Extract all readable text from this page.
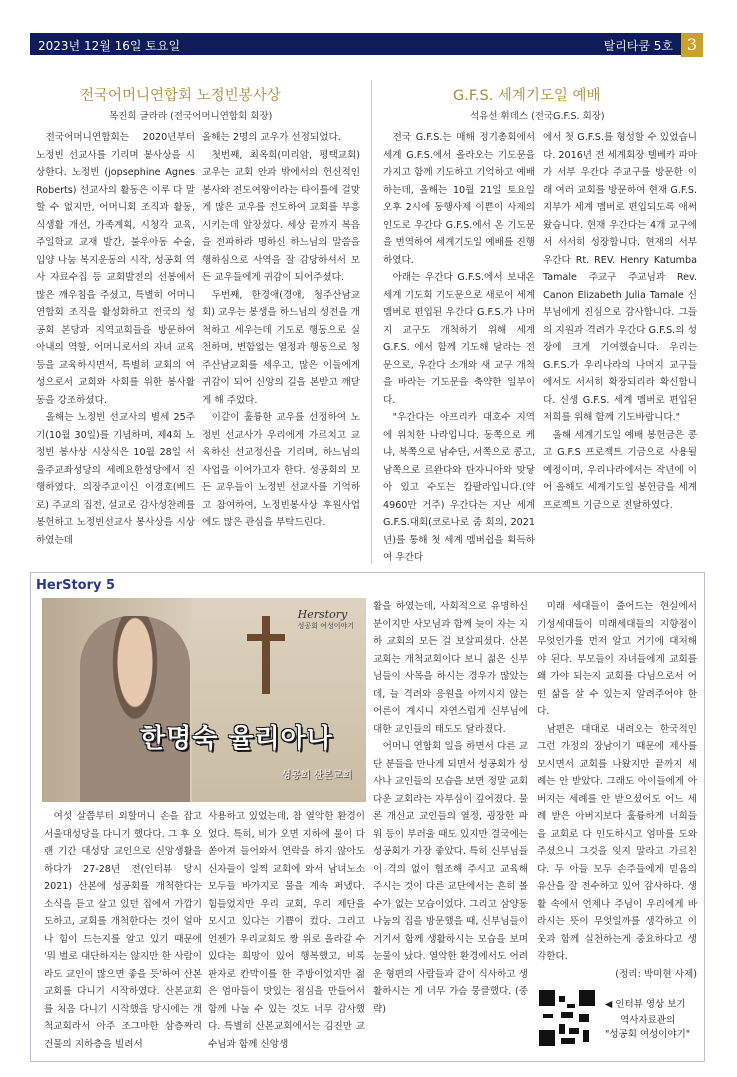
2023년 12월 16일 토요일	탈리타쿰 5호 3
전국어머니연합회 노정빈봉사상
목진희 글라라 (전국어머니연합회 회장)

전국어머니연합회는 2020년부터 노정빈 선교사를 기리며 봉사상을 시상한다. 노정빈 (jopsephine Agnes Roberts) 선교사의 활동은 이루 다 말할 수 없지만, 어머니회 조직과 활동, 식생활 개선, 가족계획, 시청각 교육, 주일학교 교재 발간, 불우아동 수술, 입양 나눔 복지운동의 시작, 성공회 역사 자료수집 등 교회발전의 선봉에서 많은 깨우침을 주셨고, 특별히 어머니연합회 조직을 활성화하고 전국의 성공회 본당과 지역교회들을 방문하여 아내의 역할, 어머니로서의 자녀 교육 등을 교육하시면서, 특별히 교회의 여성으로서 교회와 사회를 위한 봉사활동을 강조하셨다.

올해는 노정빈 선교사의 별세 25주기(10월 30일)를 기념하며, 제4회 노정빈 봉사상 시상식은 10월 28일 서울주교좌성당의 세례요한성당에서 진행하였다. 의장주교이신 이경호(베드로) 주교의 집전, 설교로 감사성찬례를 봉헌하고 노정빈선교사 봉사상을 시상하였는데

올해는 2명의 교우가 선정되었다.

첫번째, 최옥희(미리암, 평택교회) 교우는 교회 안과 밖에서의 헌신적인 봉사와 전도여왕이라는 타이틀에 걸맞게 많은 교우를 전도하여 교회를 부흥시키는데 앞장섰다. 세상 끝까지 복음을 전파하라 명하신 하느님의 말씀을 행하심으로 사역을 잘 감당하셔서 모든 교우들에게 귀감이 되어주셨다.

두번째, 한경애(경애, 청주산남교회) 교우는 봉생을 하느님의 성전을 개척하고 세우는데 기도로 행동으로 실천하며, 변함없는 열정과 행동으로 청주산남교회를 세우고, 많은 이들에게 귀감이 되어 신앙의 길을 본받고 깨닫게 해 주었다.

이같이 훌륭한 교우를 선정하여 노정빈 선교사가 우리에게 가르치고 교육하신 선교정신을 기리며, 하느님의 사업을 이어가고자 한다. 성공회의 모든 교우들이 노정빈 선교사를 기억하고 참여하여, 노정빈봉사상 후원사업에도 많은 관심을 부탁드린다.

G.F.S. 세계기도일 예배
석유선 휘데스 (전국G.F.S. 회장)

전국 G.F.S.는 매해 정기총회에서 세계 G.F.S.에서 올라오는 기도문을 가지고 함께 기도하고 기억하고 예배하는데, 올해는 10월 21일 토요일 오후 2시에 동행사제 이쁜이 사제의 인도로 우간다 G.F.S.에서 온 기도문을 번역하여 세계기도일 예배를 진행하였다.

아래는 우간다 G.F.S.에서 보내온 세계 기도회 기도문으로 새로이 세계 멤버로 편입된 우간다 G.F.S.가 나머지 교구도 개척하기 위해 세계 G.F.S. 에서 함께 기도해 달라는 전문으로, 우간다 소개와 새 교구 개척을 바라는 기도문을 축약한 일부이다.

"우간다는 아프리카 대호수 지역에 위치한 나라입니다. 동쪽으로 케냐, 북쪽으로 남수단, 서쪽으로 콩고, 남쪽으로 르완다와 탄자니아와 맞닿아 있고 수도는 캄팔라입니다.(약 4960만 거주) 우간다는 지난 세계 G.F.S.대회(코로나로 줌 회의, 2021년)를 통해 첫 세계 멤버쉽을 획득하여 우간다

에서 첫 G.F.S.를 형성할 수 있었습니다. 2016년 전 세계회장 텔베카 파마가 서부 우간다 주교구를 방문한 이래 여러 교회를 방문하여 현재 G.F.S.지부가 세계 멤버로 편입되도록 애써왔습니다. 현재 우간다는 4개 교구에서 서서히 성장합니다. 현재의 서부 우간다 Rt. REV. Henry Katumba Tamale 주교구 주교님과 Rev. Canon Elizabeth Julia Tamale 신부님에게 진심으로 감사합니다. 그들의 지원과 격려가 우간다 G.F.S.의 성장에 크게 기여했습니다. 우리는 G.F.S.가 우리나라의 나머지 교구들에서도 서서히 확장되리라 확신합니다. 신생 G.F.S. 세계 멤버로 편입된 저희를 위해 함께 기도바랍니다."

올해 세계기도일 예배 봉헌금은 콩고 G.F.S 프로젝트 기금으로 사용될 예정이며, 우리나라에서는 작년에 이어 올해도 세계기도일 봉헌금을 세계 프로젝트 기금으로 전달하였다.

HerStory 5
Herstory
성공회 여성이야기
한명숙 율리아나
성공회 산본교회

여섯 살쯤부터 외할머니 손을 잡고 서울대성당을 다니기 했다다. 그 후 오랜 기간 대성당 교인으로 신앙생활을 하다가 27-28년 전(인터뷰 당시 2021) 산본에 성공회를 개척한다는 소식을 듣고 살고 있던 집에서 가깝기도하고, 교회를 개척한다는 것이 얼마나 힘이 드는지를 알고 있기 때문에 '뭐 벌로 대단하지는 않지만 한 사람이라도 교인이 많으면 좋을 듯'하여 산본교회를 다니기 시작하였다. 산본교회를 처음 다니기 시작했을 당시에는 개척교회라서 아주 조그마한 삼층짜리 건물의 지하층을 빌려서

사용하고 있었는데, 참 열악한 환경이었다. 특히, 비가 오면 지하에 물이 다 쏟아져 들어와서 연락을 하지 않아도 신자들이 일찍 교회에 와서 남녀노소 모두들 바가지로 물을 계속 퍼냈다. 힘들었지만 우리 교회, 우리 제단을 모시고 있다는 기쁨이 컸다. 그리고 언젠가 우리교회도 짱 위로 올라갈 수 있다는 희망이 있어 행복했고, 비록 판자로 칸막이를 한 주방이었지만 젊은 엄마들이 맛있는 점심을 만들어서 함께 나눌 수 있는 것도 너무 감사했다. 특별히 산본교회에서는 김진만 교수님과 함께 신앙생

활을 하였는데, 사회적으로 유명하신 분이지만 사모님과 함께 늦이 자는 지하 교회의 모든 걸 보살피셨다. 산본교회는 개척교회이다 보니 젊은 신부님들이 사목을 하시는 경우가 많았는데, 늘 격려와 응원을 아끼시지 않는 어른이 계시니 자연스럽게 신부님에 대한 교인들의 태도도 달라졌다.

어머니 연합회 일을 하면서 다른 교단 분들을 만나게 되면서 성공회가 성사나 교인들의 모습을 보면 정말 교회다운 교회라는 자부심이 깊어졌다. 물론 개신교 교인들의 열정, 굉장한 파워 등이 부러울 때도 있지만 결국에는 성공회가 가장 좋았다. 특히 신부님들이 격의 없이 협조해 주시고 교육해 주시는 것이 다른 교단에서는 흔히 볼 수가 없는 모습이었다. 그리고 삼양동 나눔의 집을 방문했을 때, 신부님들이 거기서 함께 생활하시는 모습을 보며 눈물이 났다. 열악한 환경에서도 어려운 형편의 사람들과 같이 식사하고 생활하시는 게 너무 가슴 뭉클했다. (중략)

미래 세대들이 줄어드는 현실에서 기성세대들이 미래세대들의 지향점이 무엇인가를 먼저 알고 거기에 대처해야 된다. 부모들이 자녀들에게 교회를 왜 가야 되는지 교회를 다님으로서 어떤 삶을 살 수 있는지 알려주어야 한다.

남편은 대대로 내려오는 한국적인 그런 가정의 장남이기 때문에 제사를 모시면서 교회를 나왔지만 끝까지 세례는 안 받았다. 그래도 아이들에게 아버지는 세례를 안 받으셨어도 어느 세례 받은 아버지보다 훌륭하게 너희들을 교회로 다 인도하시고 엄마를 도와주셨으니 그것을 잊지 말라고 가르친다. 두 아들 모두 손주들에게 믿음의 유산을 잘 전수하고 있어 감사하다. 생활 속에서 언제나 주님이 우리에게 바라시는 뜻이 무엇일까를 생각하고 이웃과 함께 실천하는게 중요하다고 생각한다.

(정리: 박미현 사제)

◀ 인터뷰 영상 보기
역사자료관의
"성공회 여성이야기"
